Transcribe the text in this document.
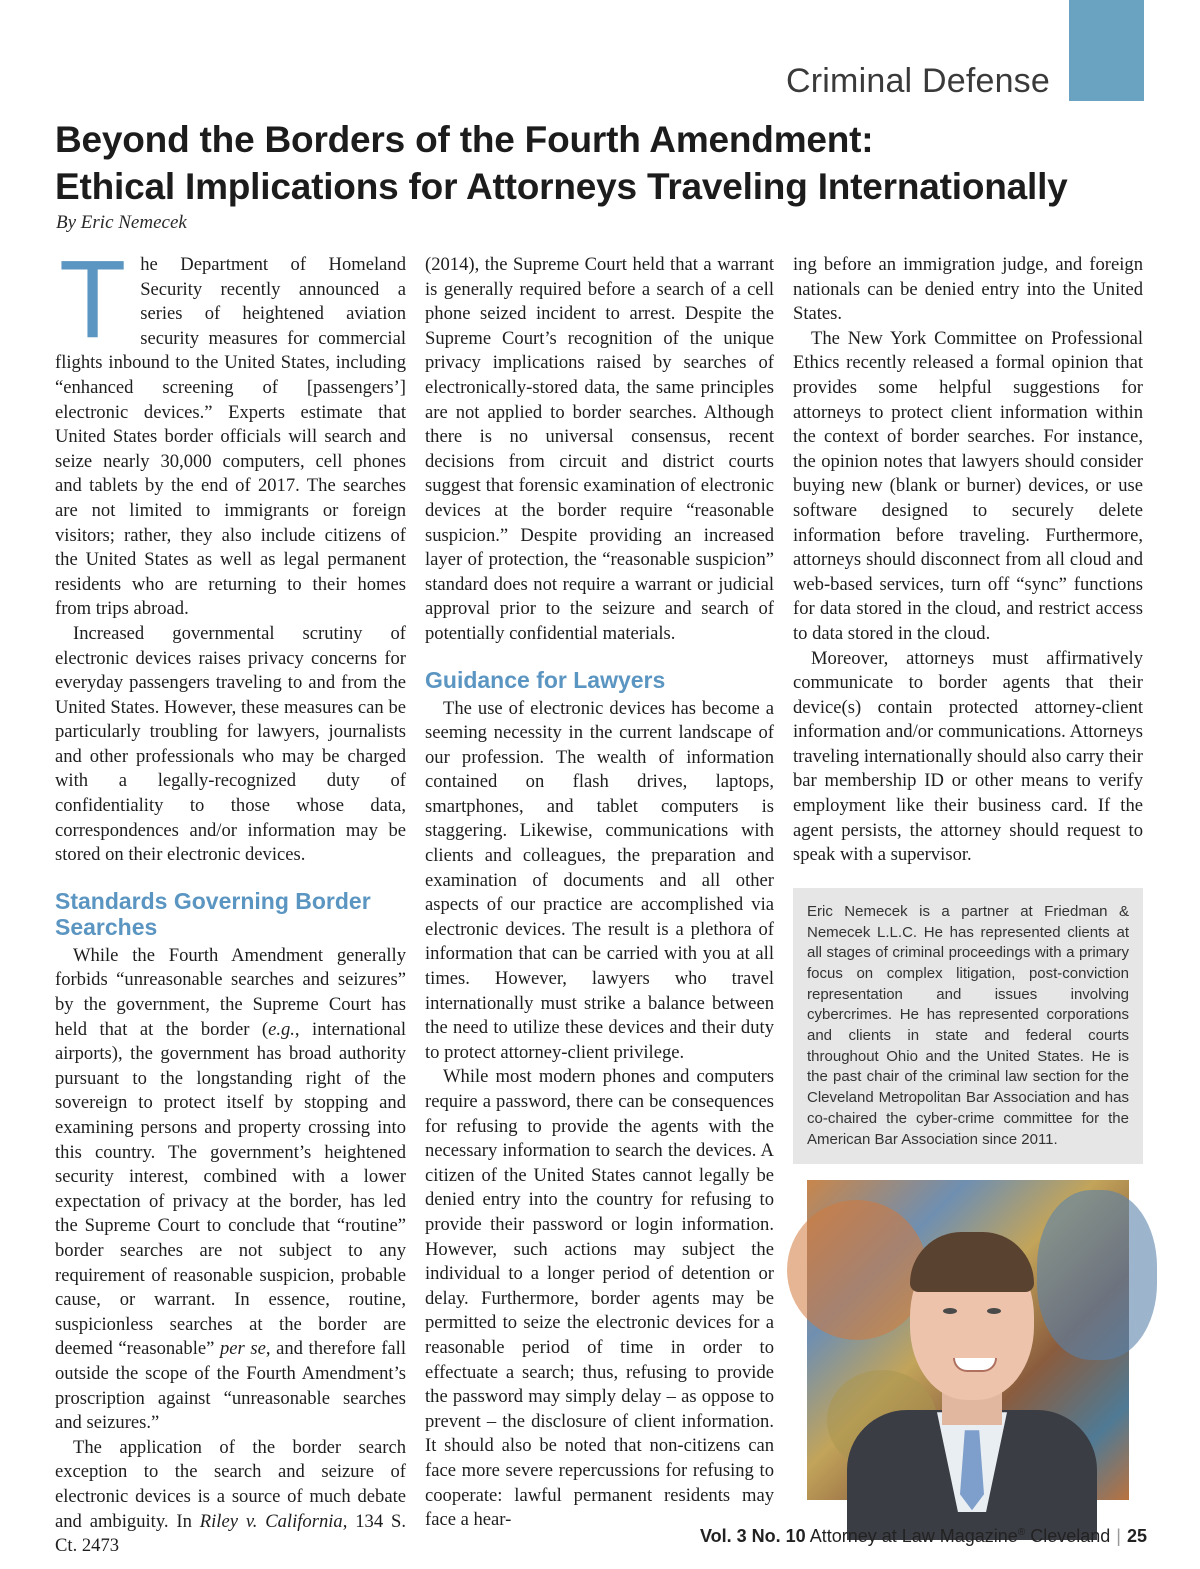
Criminal Defense

Beyond the Borders of the Fourth Amendment:
Ethical Implications for Attorneys Traveling Internationally

By Eric Nemecek

The Department of Homeland Security recently announced a series of heightened aviation security measures for commercial flights inbound to the United States, including “enhanced screening of [passengers’] electronic devices.” Experts estimate that United States border officials will search and seize nearly 30,000 computers, cell phones and tablets by the end of 2017. The searches are not limited to immigrants or foreign visitors; rather, they also include citizens of the United States as well as legal permanent residents who are returning to their homes from trips abroad.

Increased governmental scrutiny of electronic devices raises privacy concerns for everyday passengers traveling to and from the United States. However, these measures can be particularly troubling for lawyers, journalists and other professionals who may be charged with a legally-recognized duty of confidentiality to those whose data, correspondences and/or information may be stored on their electronic devices.

Standards Governing Border Searches

While the Fourth Amendment generally forbids “unreasonable searches and seizures” by the government, the Supreme Court has held that at the border (e.g., international airports), the government has broad authority pursuant to the longstanding right of the sovereign to protect itself by stopping and examining persons and property crossing into this country. The government’s heightened security interest, combined with a lower expectation of privacy at the border, has led the Supreme Court to conclude that “routine” border searches are not subject to any requirement of reasonable suspicion, probable cause, or warrant. In essence, routine, suspicionless searches at the border are deemed “reasonable” per se, and therefore fall outside the scope of the Fourth Amendment’s proscription against “unreasonable searches and seizures.”

The application of the border search exception to the search and seizure of electronic devices is a source of much debate and ambiguity. In Riley v. California, 134 S. Ct. 2473

(2014), the Supreme Court held that a warrant is generally required before a search of a cell phone seized incident to arrest. Despite the Supreme Court’s recognition of the unique privacy implications raised by searches of electronically-stored data, the same principles are not applied to border searches. Although there is no universal consensus, recent decisions from circuit and district courts suggest that forensic examination of electronic devices at the border require “reasonable suspicion.” Despite providing an increased layer of protection, the “reasonable suspicion” standard does not require a warrant or judicial approval prior to the seizure and search of potentially confidential materials.

Guidance for Lawyers

The use of electronic devices has become a seeming necessity in the current landscape of our profession. The wealth of information contained on flash drives, laptops, smartphones, and tablet computers is staggering. Likewise, communications with clients and colleagues, the preparation and examination of documents and all other aspects of our practice are accomplished via electronic devices. The result is a plethora of information that can be carried with you at all times. However, lawyers who travel internationally must strike a balance between the need to utilize these devices and their duty to protect attorney-client privilege.

While most modern phones and computers require a password, there can be consequences for refusing to provide the agents with the necessary information to search the devices. A citizen of the United States cannot legally be denied entry into the country for refusing to provide their password or login information. However, such actions may subject the individual to a longer period of detention or delay. Furthermore, border agents may be permitted to seize the electronic devices for a reasonable period of time in order to effectuate a search; thus, refusing to provide the password may simply delay – as oppose to prevent – the disclosure of client information. It should also be noted that non-citizens can face more severe repercussions for refusing to cooperate: lawful permanent residents may face a hear-

ing before an immigration judge, and foreign nationals can be denied entry into the United States.

The New York Committee on Professional Ethics recently released a formal opinion that provides some helpful suggestions for attorneys to protect client information within the context of border searches. For instance, the opinion notes that lawyers should consider buying new (blank or burner) devices, or use software designed to securely delete information before traveling. Furthermore, attorneys should disconnect from all cloud and web-based services, turn off “sync” functions for data stored in the cloud, and restrict access to data stored in the cloud.

Moreover, attorneys must affirmatively communicate to border agents that their device(s) contain protected attorney-client information and/or communications. Attorneys traveling internationally should also carry their bar membership ID or other means to verify employment like their business card. If the agent persists, the attorney should request to speak with a supervisor.

Eric Nemecek is a partner at Friedman & Nemecek L.L.C. He has represented clients at all stages of criminal proceedings with a primary focus on complex litigation, post-conviction representation and issues involving cybercrimes. He has represented corporations and clients in state and federal courts throughout Ohio and the United States. He is the past chair of the criminal law section for the Cleveland Metropolitan Bar Association and has co-chaired the cyber-crime committee for the American Bar Association since 2011.

Vol. 3 No. 10 Attorney at Law Magazine® Cleveland | 25
